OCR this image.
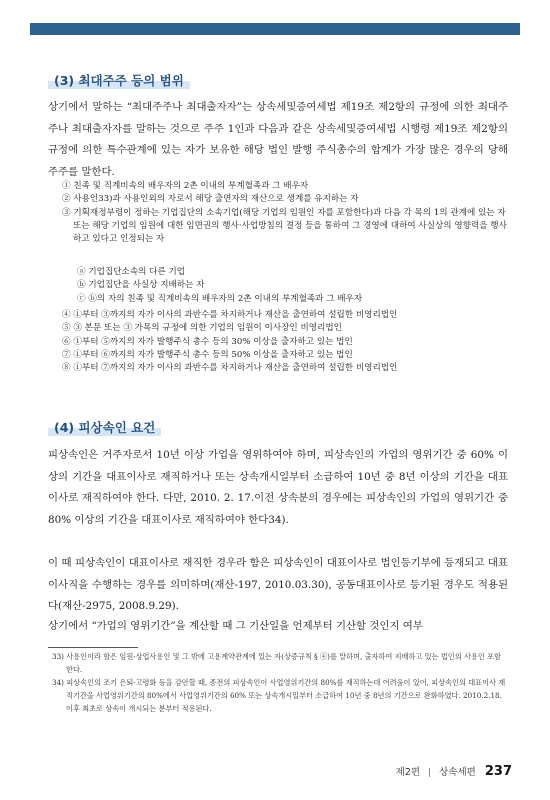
(3) 최대주주 등의 범위

상기에서 말하는 “최대주주나 최대출자자”는 상속세및증여세법 제19조 제2항의 규정에 의한 최대주주나 최대출자자를 말하는 것으로 주주 1인과 다음과 같은 상속세및증여세법 시행령 제19조 제2항의 규정에 의한 특수관계에 있는 자가 보유한 해당 법인 발행 주식총수의 합계가 가장 많은 경우의 당해 주주를 말한다.

① 친족 및 직계비속의 배우자의 2촌 이내의 부계혈족과 그 배우자
② 사용인33)과 사용인외의 자로서 해당 출연자의 재산으로 생계를 유지하는 자
③ 기획재정부령이 정하는 기업집단의 소속기업(해당 기업의 임원인 자를 포함한다)과 다음 각 목의 1의 관계에 있는 자 또는 해당 기업의 임원에 대한 임면권의 행사·사업방침의 결정 등을 통하여 그 경영에 대하여 사실상의 영향력을 행사하고 있다고 인정되는 자
ⓐ 기업집단소속의 다른 기업
ⓑ 기업집단을 사실상 지배하는 자
ⓒ ⓑ의 자의 친족 및 직계비속의 배우자의 2촌 이내의 부계혈족과 그 배우자
④ ①부터 ③까지의 자가 이사의 과반수를 차지하거나 재산을 출연하여 설립한 비영리법인
⑤ ③ 본문 또는 ③ 가목의 규정에 의한 기업의 임원이 이사장인 비영리법인
⑥ ①부터 ⑤까지의 자가 발행주식 총수 등의 30% 이상을 출자하고 있는 법인
⑦ ①부터 ⑥까지의 자가 발행주식 총수 등의 50% 이상을 출자하고 있는 법인
⑧ ①부터 ⑦까지의 자가 이사의 과반수를 차지하거나 재산을 출연하여 설립한 비영리법인
(4) 피상속인 요건

피상속인은 거주자로서 10년 이상 가업을 영위하여야 하며, 피상속인의 가업의 영위기간 중 60% 이상의 기간을 대표이사로 재직하거나 또는 상속개시일부터 소급하여 10년 중 8년 이상의 기간을 대표이사로 재직하여야 한다. 다만, 2010. 2. 17.이전 상속분의 경우에는 피상속인의 가업의 영위기간 중 80% 이상의 기간을 대표이사로 재직하여야 한다34).

이 때 피상속인이 대표이사로 재직한 경우라 함은 피상속인이 대표이사로 법인등기부에 등재되고 대표이사직을 수행하는 경우를 의미하며(재산-197, 2010.03.30), 공동대표이사로 등기된 경우도 적용된다(재산-2975, 2008.9.29).

상기에서 “가업의 영위기간”을 계산할 때 그 기산일을 언제부터 기산할 것인지 여부

33) 사용인이라 함은 임원·상업사용인 및 그 밖에 고용계약관계에 있는 자(상증규칙 § ④)를 말하며, 출자하여 지배하고 있는 법인의 사용인 포함한다.
34) 피상속인의 조기 은퇴·고령화 등을 감안할 때, 종전의 피상속인이 사업영위기간의 80%를 재직하는데 어려움이 있어, 피상속인의 대표이사 재직기간을 사업영위기간의 80%에서 사업영위기간의 60% 또는 상속개시일부터 소급하여 10년 중 8년의 기간으로 완화하였다. 2010.2.18.이후 최초로 상속이 개시되는 분부터 적용된다.
제2편 상속세편 237
